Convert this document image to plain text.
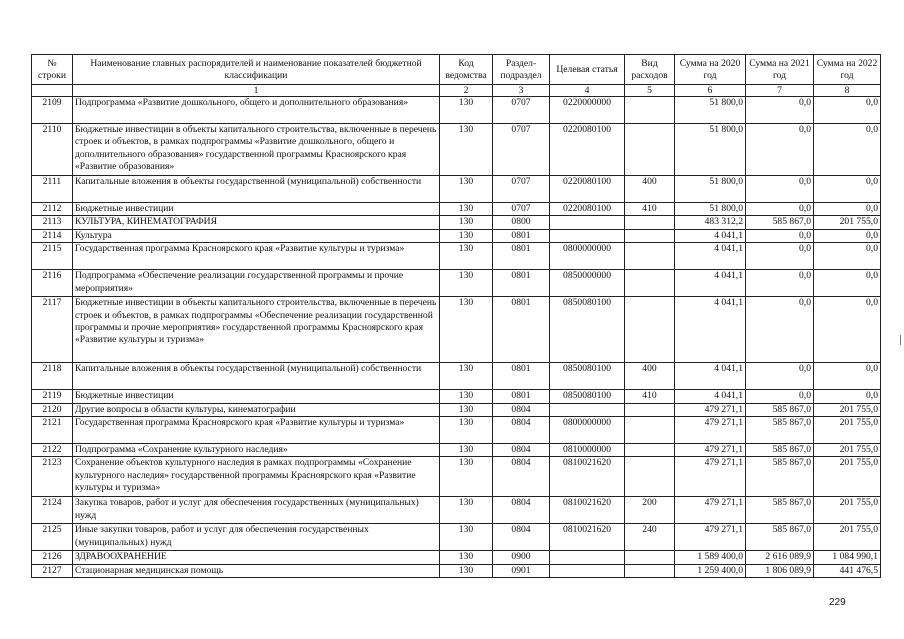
№ строки	Наименование главных распорядителей и наименование показателей бюджетной классификации	Код ведомства	Раздел- подраздел	Целевая статья	Вид расходов	Сумма на 2020 год	Сумма на 2021 год	Сумма на 2022 год
	1	2	3	4	5	6	7	8
2109	Подпрограмма «Развитие дошкольного, общего и дополнительного образования»	130	0707	0220000000		51 800,0	0,0	0,0
2110	Бюджетные инвестиции в объекты капитального строительства, включенные в перечень строек и объектов, в рамках подпрограммы «Развитие дошкольного, общего и дополнительного образования» государственной программы Красноярского края «Развитие образования»	130	0707	0220080100		51 800,0	0,0	0,0
2111	Капитальные вложения в объекты государственной (муниципальной) собственности	130	0707	0220080100	400	51 800,0	0,0	0,0
2112	Бюджетные инвестиции	130	0707	0220080100	410	51 800,0	0,0	0,0
2113	КУЛЬТУРА, КИНЕМАТОГРАФИЯ	130	0800			483 312,2	585 867,0	201 755,0
2114	Культура	130	0801			4 041,1	0,0	0,0
2115	Государственная программа Красноярского края «Развитие культуры и туризма»	130	0801	0800000000		4 041,1	0,0	0,0
2116	Подпрограмма «Обеспечение реализации государственной программы и прочие мероприятия»	130	0801	0850000000		4 041,1	0,0	0,0
2117	Бюджетные инвестиции в объекты капитального строительства, включенные в перечень строек и объектов, в рамках подпрограммы «Обеспечение реализации государственной программы и прочие мероприятия» государственной программы Красноярского края «Развитие культуры и туризма»	130	0801	0850080100		4 041,1	0,0	0,0
2118	Капитальные вложения в объекты государственной (муниципальной) собственности	130	0801	0850080100	400	4 041,1	0,0	0,0
2119	Бюджетные инвестиции	130	0801	0850080100	410	4 041,1	0,0	0,0
2120	Другие вопросы в области культуры, кинематографии	130	0804			479 271,1	585 867,0	201 755,0
2121	Государственная программа Красноярского края «Развитие культуры и туризма»	130	0804	0800000000		479 271,1	585 867,0	201 755,0
2122	Подпрограмма «Сохранение культурного наследия»	130	0804	0810000000		479 271,1	585 867,0	201 755,0
2123	Сохранение объектов культурного наследия в рамках подпрограммы «Сохранение культурного наследия» государственной программы Красноярского края «Развитие культуры и туризма»	130	0804	0810021620		479 271,1	585 867,0	201 755,0
2124	Закупка товаров, работ и услуг для обеспечения государственных (муниципальных) нужд	130	0804	0810021620	200	479 271,1	585 867,0	201 755,0
2125	Иные закупки товаров, работ и услуг для обеспечения государственных (муниципальных) нужд	130	0804	0810021620	240	479 271,1	585 867,0	201 755,0
2126	ЗДРАВООХРАНЕНИЕ	130	0900			1 589 400,0	2 616 089,9	1 084 990,1
2127	Стационарная медицинская помощь	130	0901			1 259 400,0	1 806 089,9	441 476,5
229
